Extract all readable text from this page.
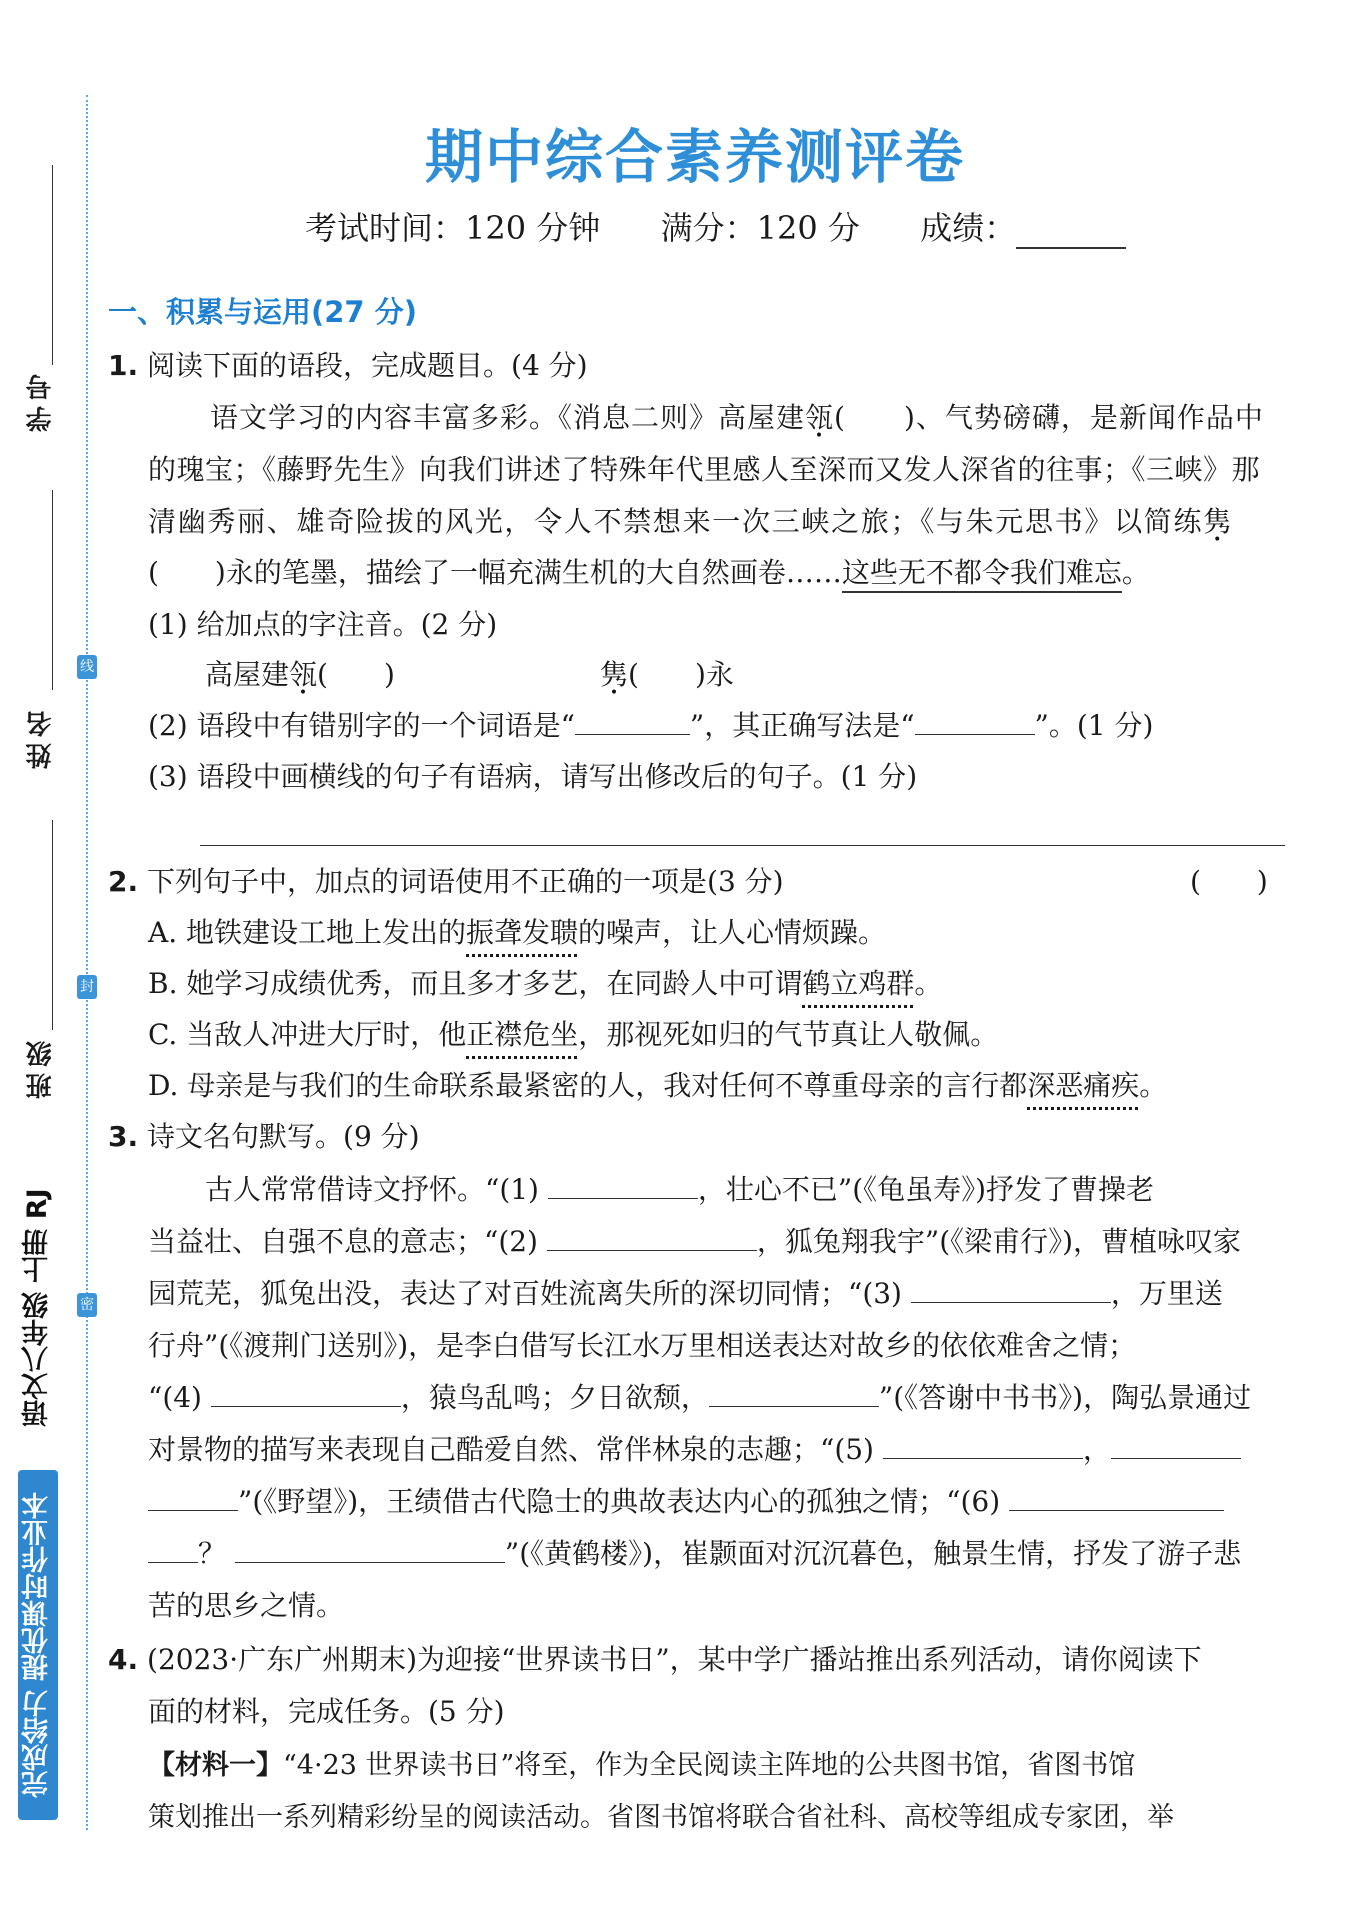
学号
姓名
班级
线
封
密
语文八年级 上册 RJ
完成给力 提优课时作业本
期中综合素养测评卷
考试时间：120 分钟 满分：120 分 成绩：
一、积累与运用(27 分)
1. 阅读下面的语段，完成题目。(4 分)
语文学习的内容丰富多彩。《消息二则》高屋建瓴(　　)、气势磅礴，是新闻作品中
的瑰宝；《藤野先生》向我们讲述了特殊年代里感人至深而又发人深省的往事；《三峡》那
清幽秀丽、雄奇险拔的风光，令人不禁想来一次三峡之旅；《与朱元思书》以简练隽
(　　)永的笔墨，描绘了一幅充满生机的大自然画卷……这些无不都令我们难忘。
(1) 给加点的字注音。(2 分)
高屋建瓴(　　)	隽(　　)永
(2) 语段中有错别字的一个词语是“	”，其正确写法是“	”。(1 分)
(3) 语段中画横线的句子有语病，请写出修改后的句子。(1 分)
2. 下列句子中，加点的词语使用不正确的一项是(3 分)	(　　)
A. 地铁建设工地上发出的振聋发聩的噪声，让人心情烦躁。
B. 她学习成绩优秀，而且多才多艺，在同龄人中可谓鹤立鸡群。
C. 当敌人冲进大厅时，他正襟危坐，那视死如归的气节真让人敬佩。
D. 母亲是与我们的生命联系最紧密的人，我对任何不尊重母亲的言行都深恶痛疾。
3. 诗文名句默写。(9 分)
古人常常借诗文抒怀。“(1)	，壮心不已”(《龟虽寿》)抒发了曹操老
当益壮、自强不息的意志；“(2)	，狐兔翔我宇”(《梁甫行》)，曹植咏叹家
园荒芜，狐兔出没，表达了对百姓流离失所的深切同情；“(3)	，万里送
行舟”(《渡荆门送别》)，是李白借写长江水万里相送表达对故乡的依依难舍之情；
“(4)	，猿鸟乱鸣；夕日欲颓，	”(《答谢中书书》)，陶弘景通过
对景物的描写来表现自己酷爱自然、常伴林泉的志趣；“(5)	，
”(《野望》)，王绩借古代隐士的典故表达内心的孤独之情；“(6)
？	”(《黄鹤楼》)，崔颢面对沉沉暮色，触景生情，抒发了游子悲
苦的思乡之情。
4. (2023·广东广州期末)为迎接“世界读书日”，某中学广播站推出系列活动，请你阅读下
面的材料，完成任务。(5 分)
【材料一】“4·23 世界读书日”将至，作为全民阅读主阵地的公共图书馆，省图书馆
策划推出一系列精彩纷呈的阅读活动。省图书馆将联合省社科、高校等组成专家团，举
